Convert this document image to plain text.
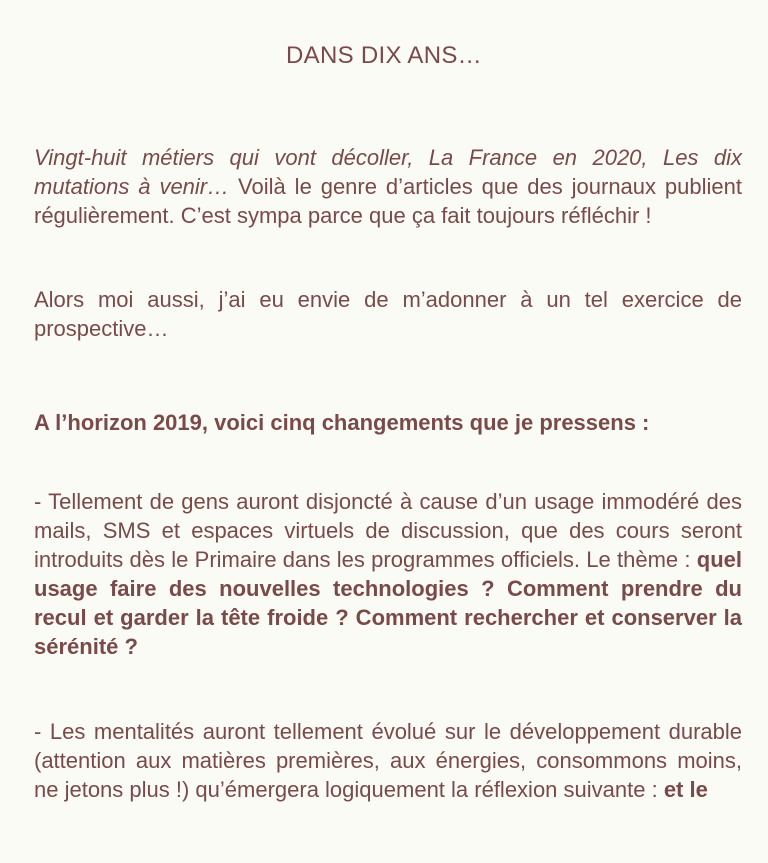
DANS DIX ANS…

Vingt-huit métiers qui vont décoller, La France en 2020, Les dix mutations à venir… Voilà le genre d’articles que des journaux publient régulièrement. C’est sympa parce que ça fait toujours réfléchir !

Alors moi aussi, j’ai eu envie de m’adonner à un tel exercice de prospective…

A l’horizon 2019, voici cinq changements que je pressens :

- Tellement de gens auront disjoncté à cause d’un usage immodéré des mails, SMS et espaces virtuels de discussion, que des cours seront introduits dès le Primaire dans les programmes officiels. Le thème : quel usage faire des nouvelles technologies ? Comment prendre du recul et garder la tête froide ? Comment rechercher et conserver la sérénité ?

- Les mentalités auront tellement évolué sur le développement durable (attention aux matières premières, aux énergies, consommons moins, ne jetons plus !) qu’émergera logiquement la réflexion suivante : et le
